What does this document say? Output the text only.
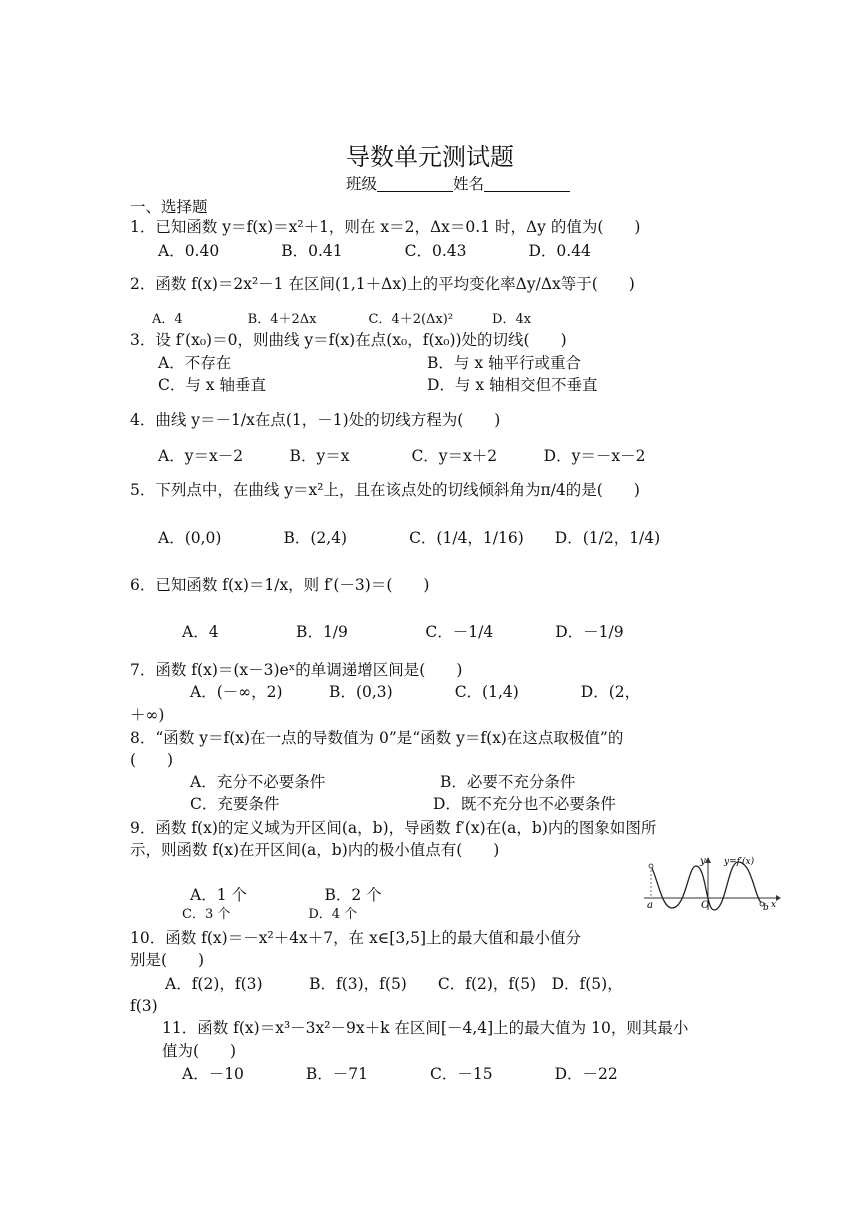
导数单元测试题
班级	姓名
一、选择题
1．已知函数 y＝f(x)＝x²＋1，则在 x＝2，Δx＝0.1 时，Δy 的值为(　　)
A．0.40　　　　B．0.41　　　　C．0.43　　　　D．0.44
2．函数 f(x)＝2x²－1 在区间(1,1＋Δx)上的平均变化率Δy/Δx等于(　　)
A．4　　　　　B．4＋2Δx　　　　C．4＋2(Δx)²　　　D．4x
3．设 f′(x₀)＝0，则曲线 y＝f(x)在点(x₀，f(x₀))处的切线(　　)
A．不存在	B．与 x 轴平行或重合
C．与 x 轴垂直	D．与 x 轴相交但不垂直
4．曲线 y＝－1/x在点(1，－1)处的切线方程为(　　)
A．y＝x－2　　　B．y＝x　　　　C．y＝x＋2　　　D．y＝－x－2
5．下列点中，在曲线 y＝x²上，且在该点处的切线倾斜角为π/4的是(　　)
A．(0,0)　　　　B．(2,4)　　　　C．(1/4，1/16)　　D．(1/2，1/4)
6．已知函数 f(x)＝1/x，则 f′(－3)＝(　　)
A．4　　　　　B．1/9　　　　　C．－1/4　　　　D．－1/9
7．函数 f(x)＝(x－3)eˣ的单调递增区间是(　　)
A．(－∞，2)　　　B．(0,3)　　　　C．(1,4)　　　　D．(2，
＋∞)
8．“函数 y＝f(x)在一点的导数值为 0”是“函数 y＝f(x)在这点取极值”的
(　　)
A．充分不必要条件	B．必要不充分条件
C．充要条件	D．既不充分也不必要条件
9．函数 f(x)的定义域为开区间(a，b)，导函数 f′(x)在(a，b)内的图象如图所
示，则函数 f(x)在开区间(a，b)内的极小值点有(　　)
A．1 个　　　　　B．2 个
C．3 个　　　　　　D．4 个
y y=f′(x)
a	O	b x
10．函数 f(x)＝－x²＋4x＋7，在 x∈[3,5]上的最大值和最小值分
别是(　　)
A．f(2)，f(3)　　　B．f(3)，f(5)　　C．f(2)，f(5)　D．f(5)，
f(3)
11．函数 f(x)＝x³－3x²－9x＋k 在区间[－4,4]上的最大值为 10，则其最小
值为(　　)
A．－10　　　　B．－71　　　　C．－15　　　　D．－22
